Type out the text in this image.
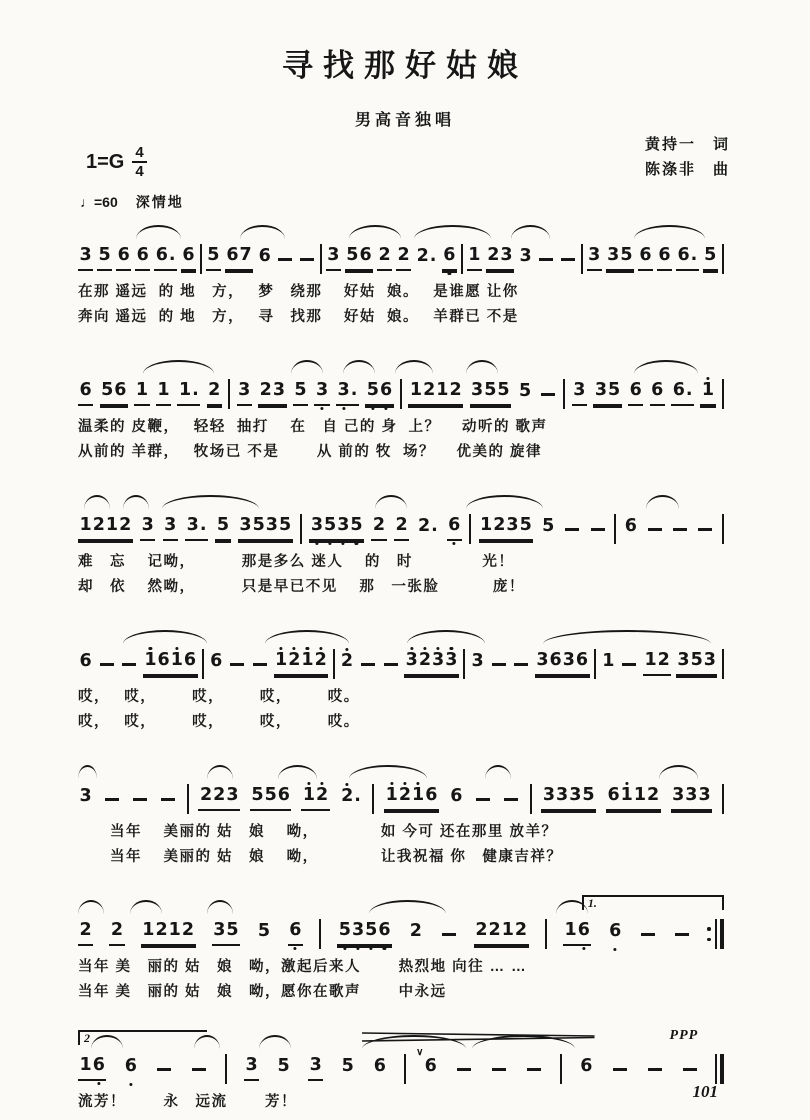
寻找那好姑娘
男高音独唱
$1=G \frac{4}{4}$	黄持一　词
陈涤非　曲
♩=60 深情地
3 5 6 6 6 . 6 5 6 7 6	3 5 6 2 2 2 . 6 1 2 3 3	3 3 5 6 6 6 . 5
在那 遥远  的 地　方，　 梦　绕那　 好姑  娘。　 是谁愿 让你
奔向 遥远  的 地　方，　 寻　找那　 好姑  娘。　 羊群已 不是
6 5 6 1 1 1 . 2 3 2 3 5 3 3 . 5 6 1 2 1 2 3 5 5 5 3 3 5 6 6 6 . 1
温柔的 皮鞭，　 轻轻  抽打　 在　自 己的 身  上？　 动听的 歌声
从前的 羊群，　 牧场已 不是　　 从 前的 牧  场？　 优美的 旋律
1 2 1 2 3 3 3 . 5 3 5 3 5 3 5 3 5 2 2 2 . 6 1 2 3 5 5	6
难　忘　 记呦，　　　 那是多么 迷人　 的　时　　　　 光！
却　依　 然呦，　　　 只是早已不见　 那　一张脸　　　 庞！
6	1 6 1 6 6	1 2 1 2 2	3 2 3 3 3	3 6 3 6 1 1 2 3 5 3
哎，　 哎，　　  哎，　　  哎，　　  哎。
哎，　 哎，　　  哎，　　  哎，　　  哎。
3	2 2 3 5 5 6 1 2 2 . 1 2 1 6 6	3 3 3 5 6 1 1 2 3 3 3
　　当年　 美丽的 姑　娘　 呦，　　　　 如 今可 还在那里 放羊？
　　当年　 美丽的 姑　娘　 呦，　　　　 让我祝福 你　健康吉祥？
1.
2 2 1 2 1 2 3 5 5 6 5 3 5 6 2	2 2 1 2 1 6 6
当年 美　丽的 姑　娘　呦，激起后来人　　 热烈地 向往 … …
当年 美　丽的 姑　娘　呦，愿你在歌声　　 中永远
2	PPP
1 6 6	3 5 3 5 6 6
∨
6
流芳！　　 永　远流　　 芳！
101
